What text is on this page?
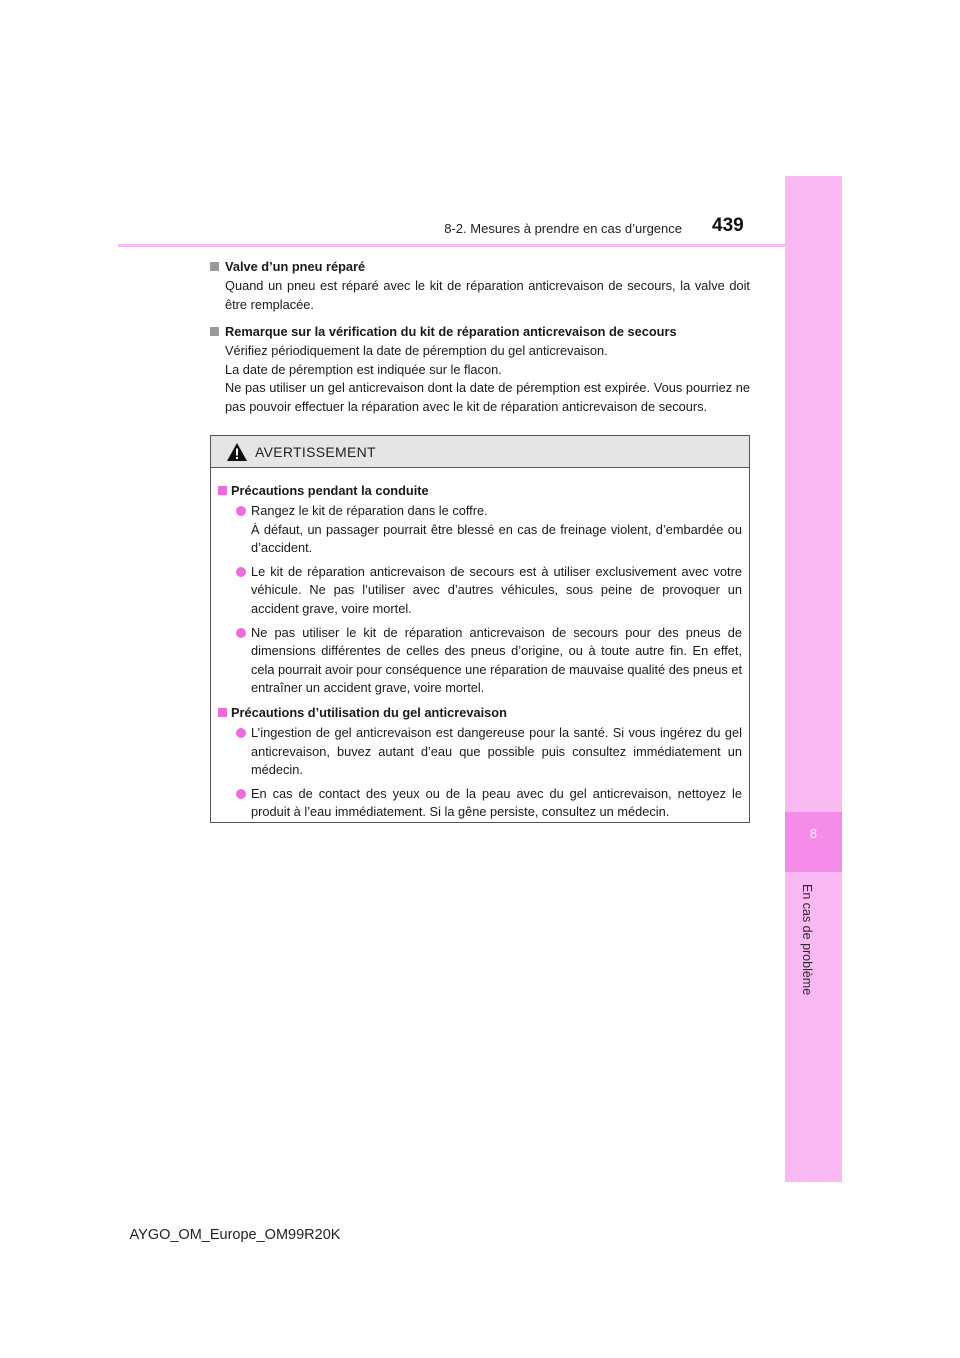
8
En cas de problème
8-2. Mesures à prendre en cas d’urgence 439
Valve d’un pneu réparé

Quand un pneu est réparé avec le kit de réparation anticrevaison de secours, la valve doit être remplacée.

Remarque sur la vérification du kit de réparation anticrevaison de secours

Vérifiez périodiquement la date de péremption du gel anticrevaison.

La date de péremption est indiquée sur le flacon.

Ne pas utiliser un gel anticrevaison dont la date de péremption est expirée. Vous pourriez ne pas pouvoir effectuer la réparation avec le kit de réparation anticrevaison de secours.

AVERTISSEMENT
Précautions pendant la conduite

Rangez le kit de réparation dans le coffre.

À défaut, un passager pourrait être blessé en cas de freinage violent, d’embardée ou d’accident.

Le kit de réparation anticrevaison de secours est à utiliser exclusivement avec votre véhicule. Ne pas l’utiliser avec d’autres véhicules, sous peine de provoquer un accident grave, voire mortel.

Ne pas utiliser le kit de réparation anticrevaison de secours pour des pneus de dimensions différentes de celles des pneus d’origine, ou à toute autre fin. En effet, cela pourrait avoir pour conséquence une réparation de mauvaise qualité des pneus et entraîner un accident grave, voire mortel.

Précautions d’utilisation du gel anticrevaison

L’ingestion de gel anticrevaison est dangereuse pour la santé. Si vous ingérez du gel anticrevaison, buvez autant d’eau que possible puis consultez immédiatement un médecin.

En cas de contact des yeux ou de la peau avec du gel anticrevaison, nettoyez le produit à l’eau immédiatement. Si la gêne persiste, consultez un médecin.

AYGO_OM_Europe_OM99R20K
